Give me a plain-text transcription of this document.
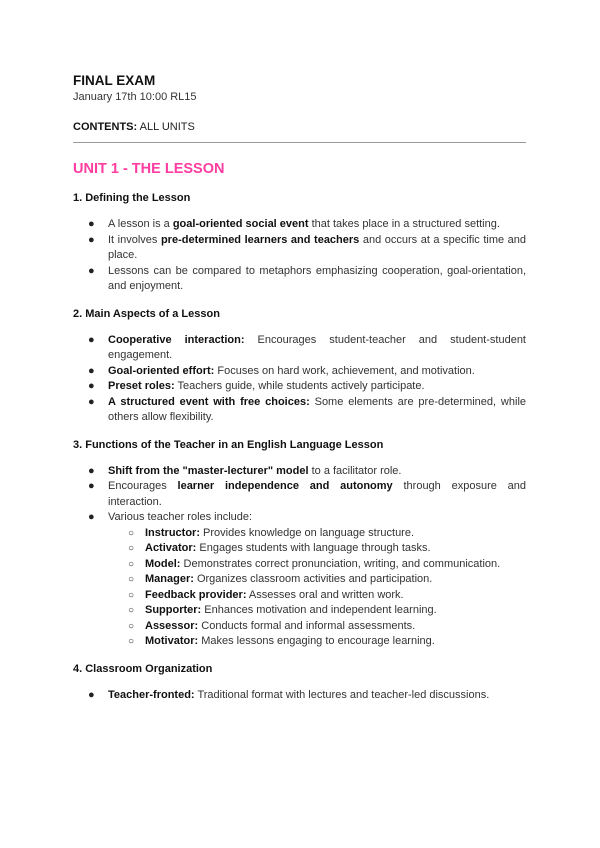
FINAL EXAM
January 17th 10:00 RL15
CONTENTS: ALL UNITS
UNIT 1 - THE LESSON
1. Defining the Lesson
● A lesson is a goal-oriented social event that takes place in a structured setting.
● It involves pre-determined learners and teachers and occurs at a specific time and place.
● Lessons can be compared to metaphors emphasizing cooperation, goal-orientation, and enjoyment.
2. Main Aspects of a Lesson
● Cooperative interaction: Encourages student-teacher and student-student engagement.
● Goal-oriented effort: Focuses on hard work, achievement, and motivation.
● Preset roles: Teachers guide, while students actively participate.
● A structured event with free choices: Some elements are pre-determined, while others allow flexibility.
3. Functions of the Teacher in an English Language Lesson
● Shift from the "master-lecturer" model to a facilitator role.
● Encourages learner independence and autonomy through exposure and interaction.
● Various teacher roles include:
○ Instructor: Provides knowledge on language structure.
○ Activator: Engages students with language through tasks.
○ Model: Demonstrates correct pronunciation, writing, and communication.
○ Manager: Organizes classroom activities and participation.
○ Feedback provider: Assesses oral and written work.
○ Supporter: Enhances motivation and independent learning.
○ Assessor: Conducts formal and informal assessments.
○ Motivator: Makes lessons engaging to encourage learning.
4. Classroom Organization
● Teacher-fronted: Traditional format with lectures and teacher-led discussions.
